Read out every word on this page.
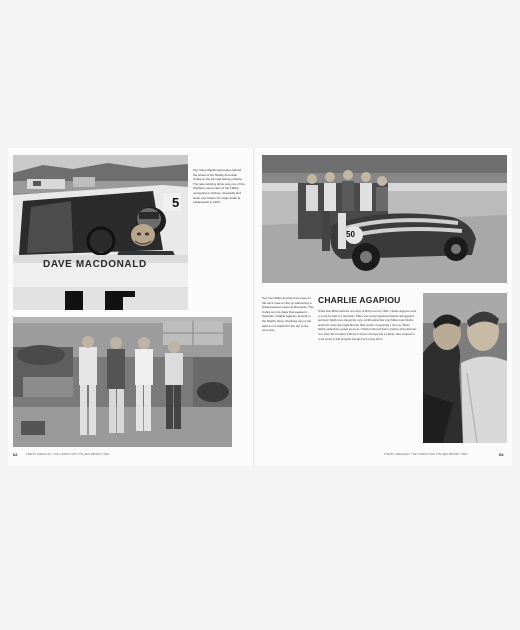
DAVE MACDONALD
5
Top: Dave MacDonald poses behind the wheel of his Shelby American Cobra on the pit road before practice. The race-winning driver was one of the brightest young stars of the 1960s, competing in Cobras, Cheetahs and stock cars before his tragic death at Indianapolis in 1964.
62	SHELBY AMERICAN: THE COBRAS AND THE MEN BEHIND THEM
50
Top: Ken Miles and his crew pose on the car's nose on the pit wall during a break between races at Riverside. The Cobra won its class that weekend. Opposite: Charlie Agapiou at work in the Shelby shop, checking over a car before it is loaded for the trip to the next race.
CHARLIE AGAPIOU
When Ken Miles built his race shop in Hollywood in 1962, Charlie Agapiou went to work for him as a mechanic. Miles was racing Sunbeam Alpines and Agapiou and Jean Smith were among his crew. At Riverside that year Miles took Charlie under his wing and taught him the finer points of preparing a race car. When Shelby American opened its doors, Charlie followed Ken to Venice and joined the race team. He travelled with the Cobras to Europe and Le Mans, then returned to work on the GT40 program and the Ford racing effort.
SHELBY AMERICAN: THE COBRAS AND THE MEN BEHIND THEM	63
